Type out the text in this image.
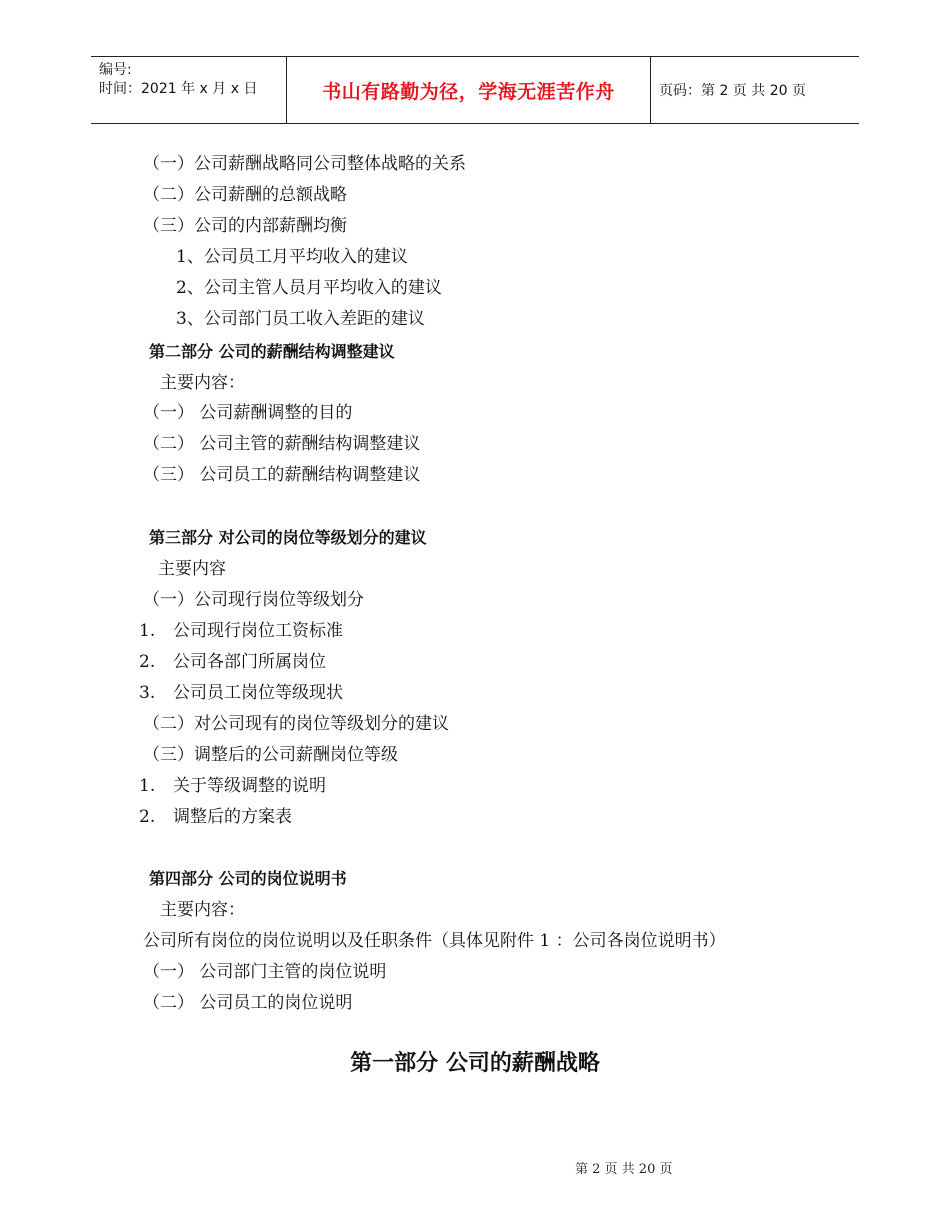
编号:
时间：2021 年 x 月 x 日	书山有路勤为径，学海无涯苦作舟	页码：第 2 页 共 20 页
（一）公司薪酬战略同公司整体战略的关系
（二）公司薪酬的总额战略
（三）公司的内部薪酬均衡
1、公司员工月平均收入的建议
2、公司主管人员月平均收入的建议
3、公司部门员工收入差距的建议
第二部分 公司的薪酬结构调整建议
主要内容：
（一） 公司薪酬调整的目的
（二） 公司主管的薪酬结构调整建议
（三） 公司员工的薪酬结构调整建议
第三部分 对公司的岗位等级划分的建议
主要内容
（一）公司现行岗位等级划分
1. 公司现行岗位工资标准
2. 公司各部门所属岗位
3. 公司员工岗位等级现状
（二）对公司现有的岗位等级划分的建议
（三）调整后的公司薪酬岗位等级
1. 关于等级调整的说明
2. 调整后的方案表
第四部分 公司的岗位说明书
主要内容：
公司所有岗位的岗位说明以及任职条件（具体见附件 1 ：公司各岗位说明书）
（一） 公司部门主管的岗位说明
（二） 公司员工的岗位说明
第一部分 公司的薪酬战略
第 2 页 共 20 页
